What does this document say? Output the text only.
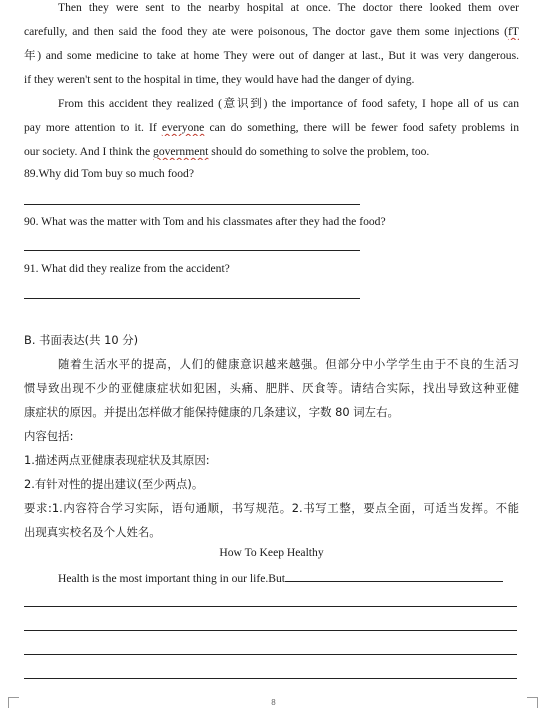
Then they were sent to the nearby hospital at once. The doctor there looked them over
carefully, and then said the food they ate were poisonous, The doctor gave them some injections (fT
年) and some medicine to take at home They were out of danger at last., But it was very dangerous.
if they weren't sent to the hospital in time, they would have had the danger of dying.
From this accident they realized (意识到) the importance of food safety, I hope all of us can
pay more attention to it. If everyone can do something, there will be fewer food safety problems in
our society. And I think the government should do something to solve the problem, too.
89.Why did Tom buy so much food?
90. What was the matter with Tom and his classmates after they had the food?
91. What did they realize from the accident?
B. 书面表达(共 10 分)
随着生活水平的提高，人们的健康意识越来越强。但部分中小学学生由于不良的生活习
惯导致出现不少的亚健康症状如犯困，头痛、肥胖、厌食等。请结合实际，找出导致这种亚健
康症状的原因。并提出怎样做才能保持健康的几条建议，字数 80 词左右。
内容包括:
1.描述两点亚健康表现症状及其原因:
2.有针对性的提出建议(至少两点)。
要求:1.内容符合学习实际，语句通顺，书写规范。2.书写工整，要点全面，可适当发挥。不能
出现真实校名及个人姓名。
How To Keep Healthy
Health is the most important thing in our life.But
8
